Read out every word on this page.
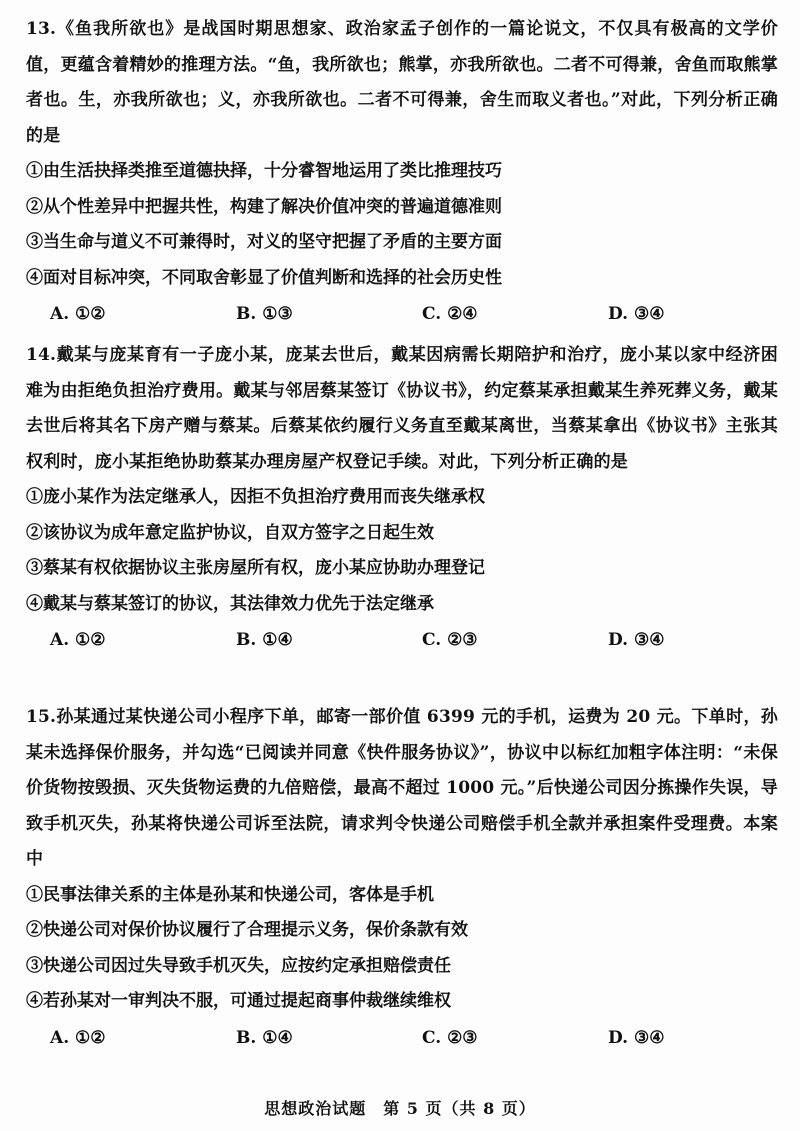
13.《鱼我所欲也》是战国时期思想家、政治家孟子创作的一篇论说文，不仅具有极高的文学价值，更蕴含着精妙的推理方法。“鱼，我所欲也；熊掌，亦我所欲也。二者不可得兼，舍鱼而取熊掌者也。生，亦我所欲也；义，亦我所欲也。二者不可得兼，舍生而取义者也。”对此，下列分析正确的是
①由生活抉择类推至道德抉择，十分睿智地运用了类比推理技巧
②从个性差异中把握共性，构建了解决价值冲突的普遍道德准则
③当生命与道义不可兼得时，对义的坚守把握了矛盾的主要方面
④面对目标冲突，不同取舍彰显了价值判断和选择的社会历史性
A. ①②	B. ①③	C. ②④	D. ③④
14.戴某与庞某育有一子庞小某，庞某去世后，戴某因病需长期陪护和治疗，庞小某以家中经济困难为由拒绝负担治疗费用。戴某与邻居蔡某签订《协议书》，约定蔡某承担戴某生养死葬义务，戴某去世后将其名下房产赠与蔡某。后蔡某依约履行义务直至戴某离世，当蔡某拿出《协议书》主张其权利时，庞小某拒绝协助蔡某办理房屋产权登记手续。对此，下列分析正确的是
①庞小某作为法定继承人，因拒不负担治疗费用而丧失继承权
②该协议为成年意定监护协议，自双方签字之日起生效
③蔡某有权依据协议主张房屋所有权，庞小某应协助办理登记
④戴某与蔡某签订的协议，其法律效力优先于法定继承
A. ①②	B. ①④	C. ②③	D. ③④
15.孙某通过某快递公司小程序下单，邮寄一部价值 6399 元的手机，运费为 20 元。下单时，孙某未选择保价服务，并勾选“已阅读并同意《快件服务协议》”，协议中以标红加粗字体注明：“未保价货物按毁损、灭失货物运费的九倍赔偿，最高不超过 1000 元。”后快递公司因分拣操作失误，导致手机灭失，孙某将快递公司诉至法院，请求判令快递公司赔偿手机全款并承担案件受理费。本案中
①民事法律关系的主体是孙某和快递公司，客体是手机
②快递公司对保价协议履行了合理提示义务，保价条款有效
③快递公司因过失导致手机灭失，应按约定承担赔偿责任
④若孙某对一审判决不服，可通过提起商事仲裁继续维权
A. ①②	B. ①④	C. ②③	D. ③④
思想政治试题　第 5 页（共 8 页）
